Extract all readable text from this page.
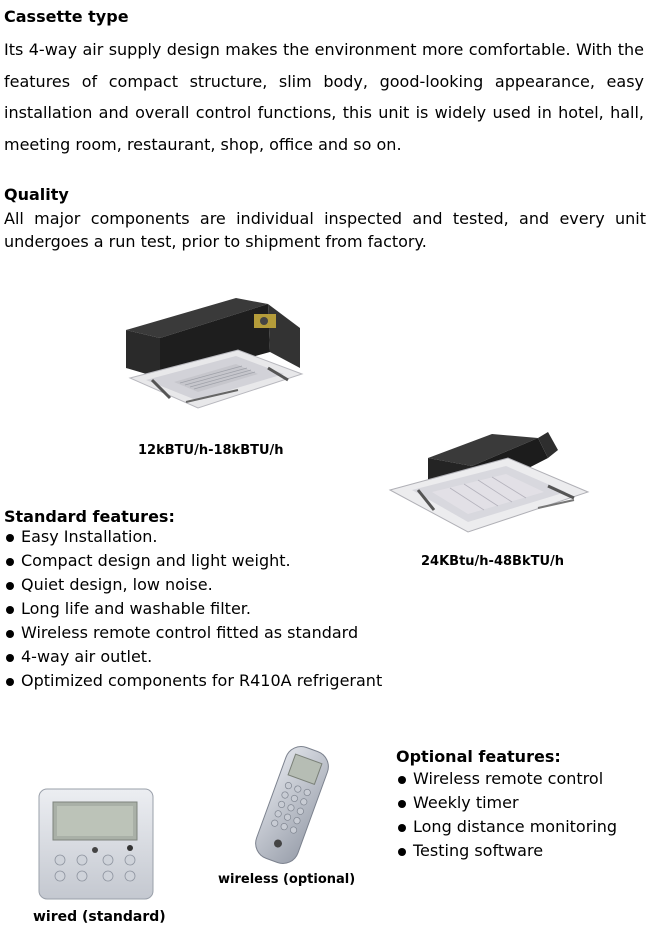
Cassette type
Its 4-way air supply design makes the environment more comfortable. With the features of compact structure, slim body, good-looking appearance, easy installation and overall control functions, this unit is widely used in hotel, hall, meeting room, restaurant, shop, office and so on.
Quality
All major components are individual inspected and tested, and every unit undergoes a run test, prior to shipment from factory.
12kBTU/h-18kBTU/h
24KBtu/h-48BkTU/h
Standard features:
Easy Installation.
Compact design and light weight.
Quiet design, low noise.
Long life and washable filter.
Wireless remote control fitted as standard
4-way air outlet.
Optimized components for R410A refrigerant
Optional features:
Wireless remote control
Weekly timer
Long distance monitoring
Testing software
wired (standard)
wireless (optional)
